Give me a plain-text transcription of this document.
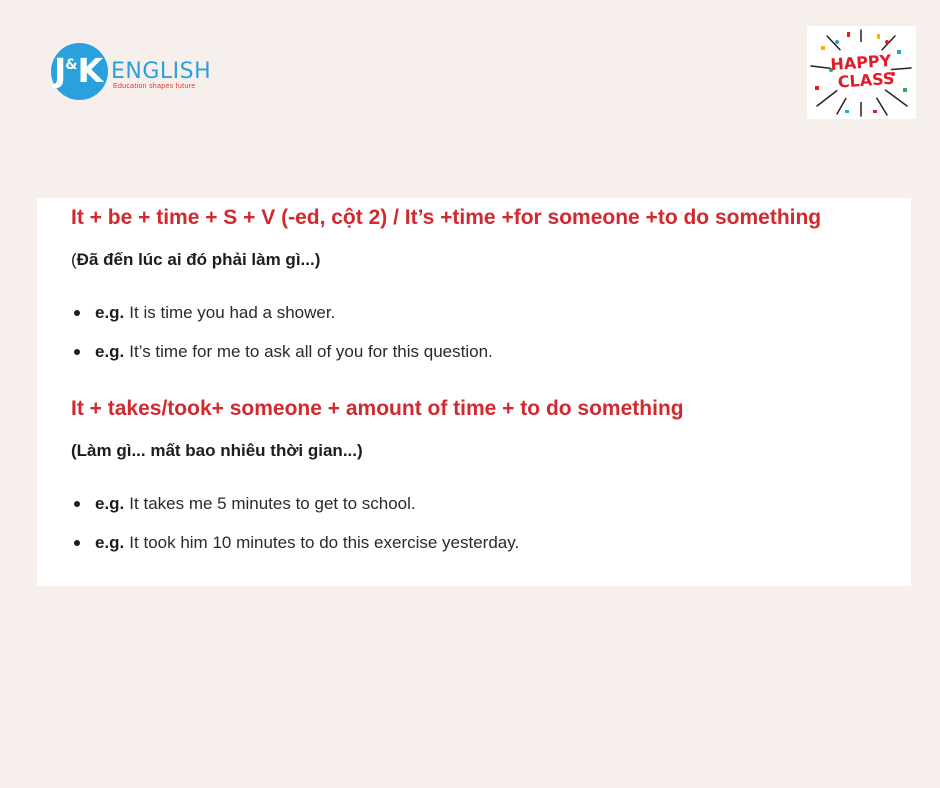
J&K ENGLISH
Education shapes future
HAPPY
CLASS
It + be + time + S + V (-ed, cột 2) / It’s +time +for someone +to do something
(Đã đến lúc ai đó phải làm gì...)
e.g. It is time you had a shower.
e.g. It’s time for me to ask all of you for this question.
It + takes/took+ someone + amount of time + to do something
(Làm gì... mất bao nhiêu thời gian...)
e.g. It takes me 5 minutes to get to school.
e.g. It took him 10 minutes to do this exercise yesterday.
